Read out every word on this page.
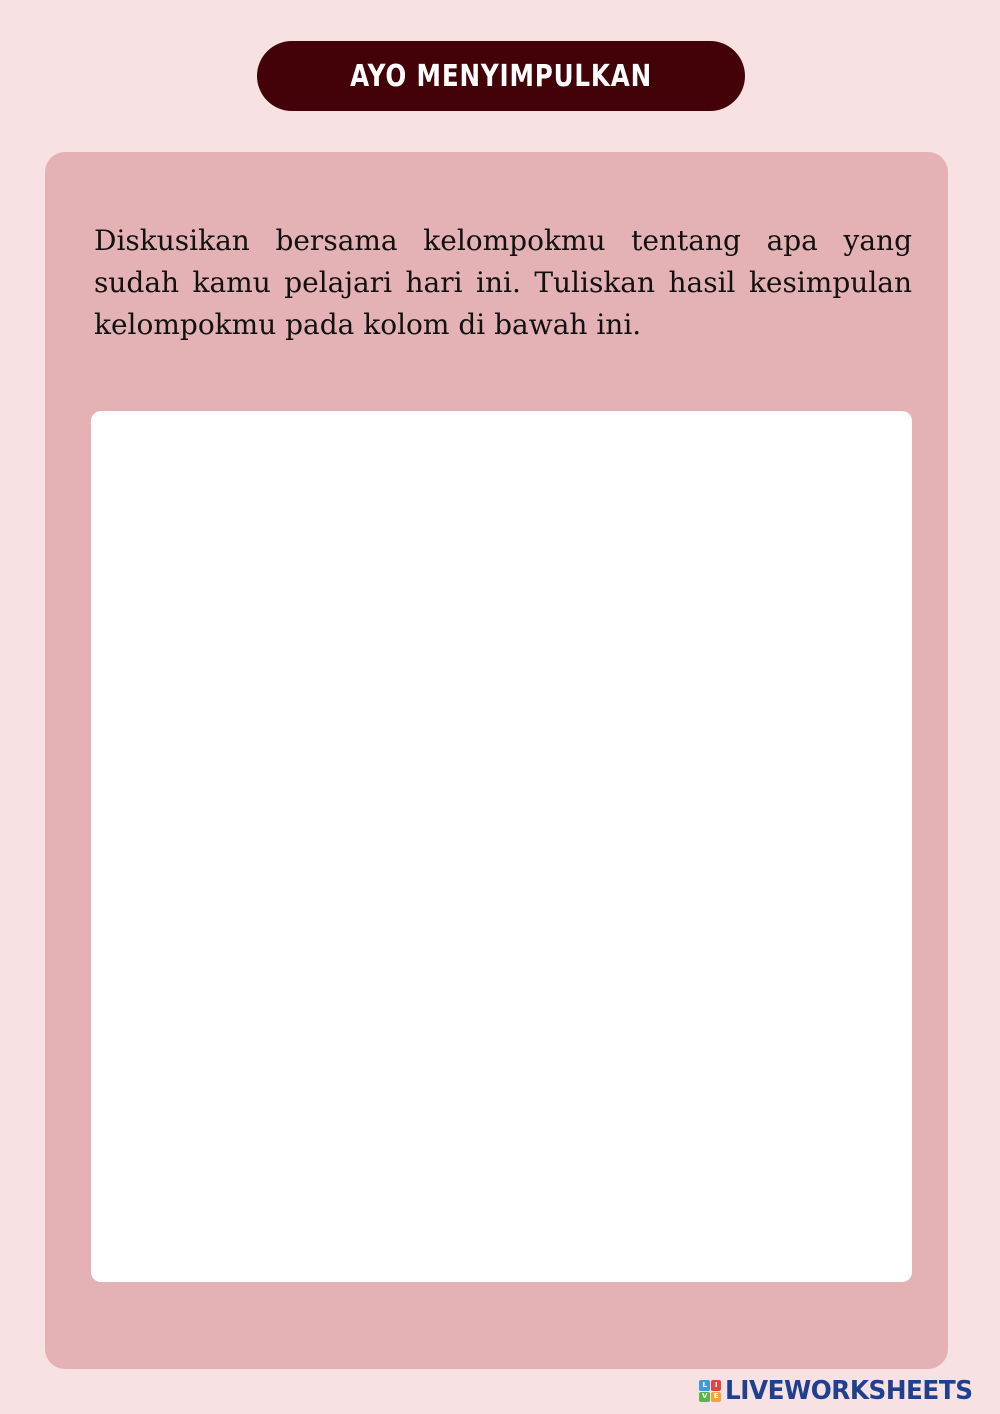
AYO MENYIMPULKAN

Diskusikan bersama kelompokmu tentang apa yang sudah kamu pelajari hari ini. Tuliskan hasil kesimpulan kelompokmu pada kolom di bawah ini.

L	I
V E LIVEWORKSHEETS
